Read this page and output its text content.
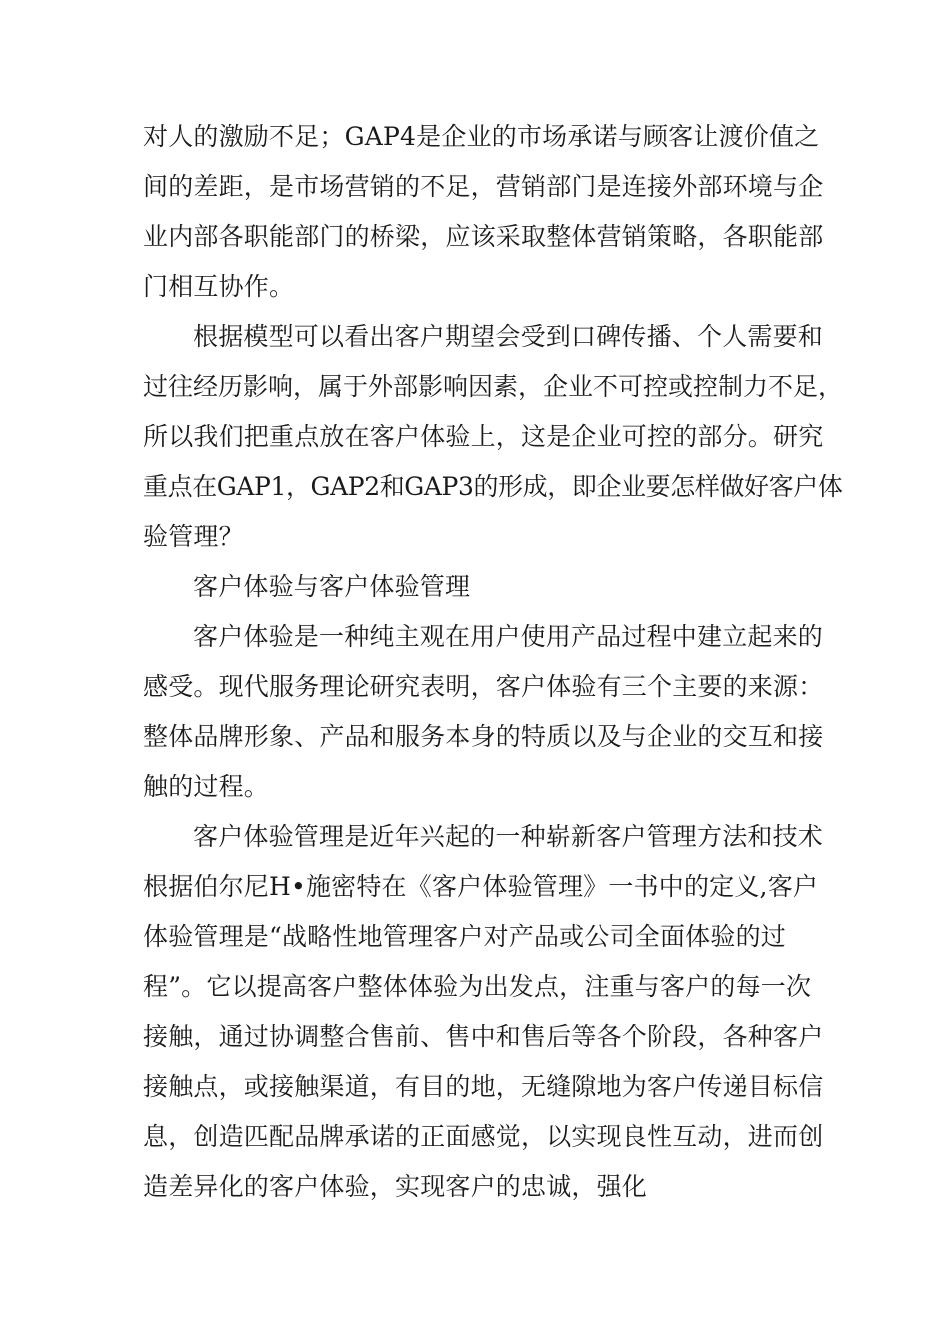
对人的激励不足；GAP4是企业的市场承诺与顾客让渡价值之
间的差距，是市场营销的不足，营销部门是连接外部环境与企
业内部各职能部门的桥梁，应该采取整体营销策略，各职能部
门相互协作。
根据模型可以看出客户期望会受到口碑传播、个人需要和
过往经历影响，属于外部影响因素，企业不可控或控制力不足，
所以我们把重点放在客户体验上，这是企业可控的部分。研究
重点在GAP1，GAP2和GAP3的形成，即企业要怎样做好客户体
验管理？
客户体验与客户体验管理
客户体验是一种纯主观在用户使用产品过程中建立起来的
感受。现代服务理论研究表明，客户体验有三个主要的来源：
整体品牌形象、产品和服务本身的特质以及与企业的交互和接
触的过程。
客户体验管理是近年兴起的一种崭新客户管理方法和技术
根据伯尔尼H•施密特在《客户体验管理》一书中的定义,客户
体验管理是“战略性地管理客户对产品或公司全面体验的过
程”。它以提高客户整体体验为出发点，注重与客户的每一次
接触，通过协调整合售前、售中和售后等各个阶段，各种客户
接触点，或接触渠道，有目的地，无缝隙地为客户传递目标信
息，创造匹配品牌承诺的正面感觉，以实现良性互动，进而创
造差异化的客户体验，实现客户的忠诚，强化
